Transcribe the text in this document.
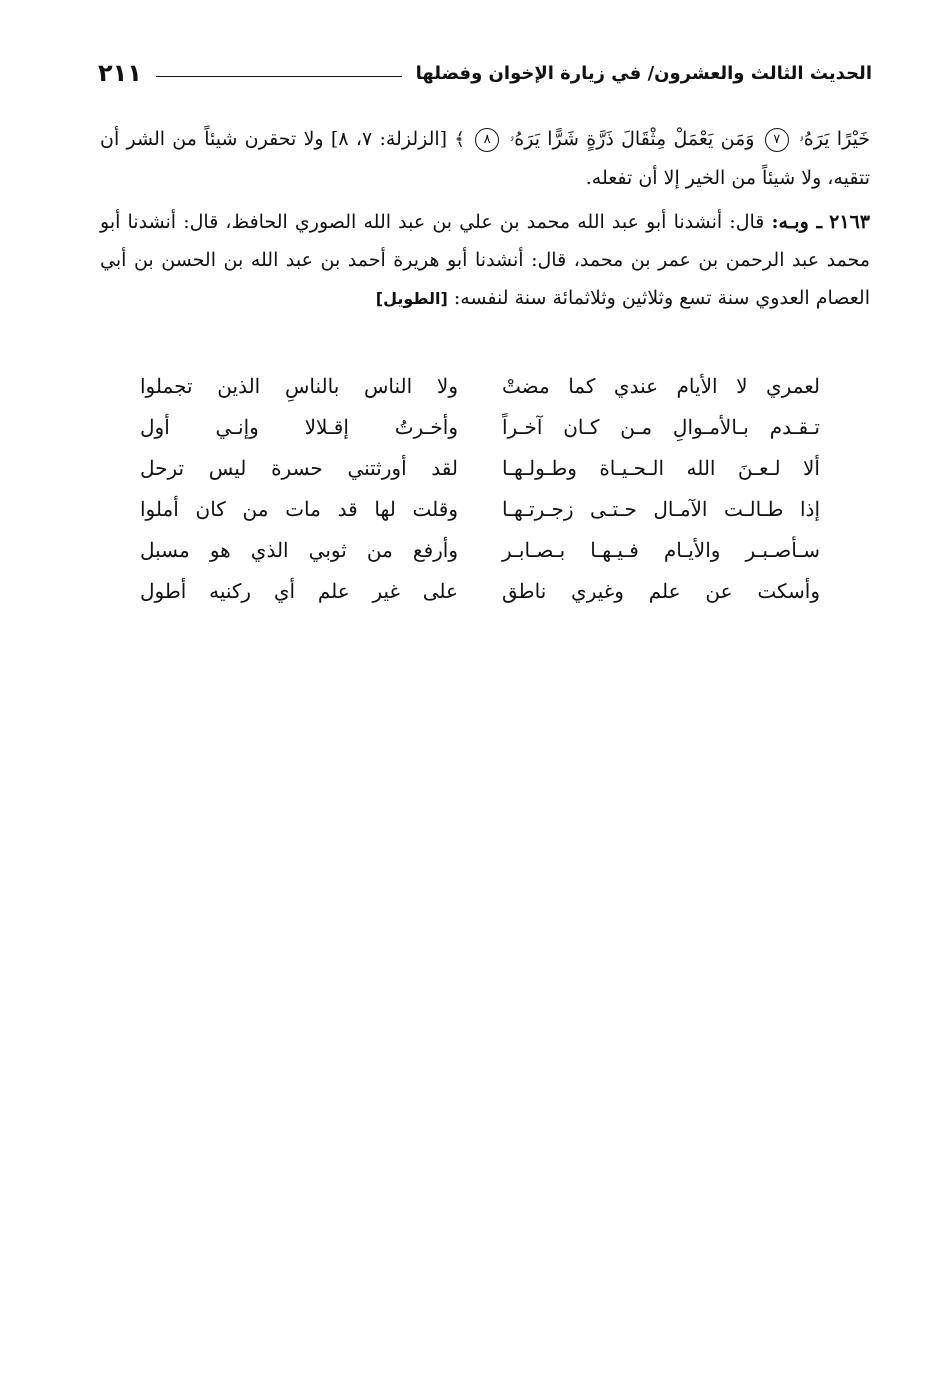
الحديث الثالث والعشرون/ في زيارة الإخوان وفضلها
٢١١

خَيْرًا يَرَهُۥ ٧ وَمَن يَعْمَلْ مِثْقَالَ ذَرَّةٍ شَرًّا يَرَهُۥ ٨ ﴾ [الزلزلة: ٧، ٨] ولا تحقرن شيئاً من الشر أن تتقيه، ولا شيئاً من الخير إلا أن تفعله.

٢١٦٣ ـ وبـه: قال: أنشدنا أبو عبد الله محمد بن علي بن عبد الله الصوري الحافظ، قال: أنشدنا أبو محمد عبد الرحمن بن عمر بن محمد، قال: أنشدنا أبو هريرة أحمد بن عبد الله بن الحسن بن أبي العصام العدوي سنة تسع وثلاثين وثلاثمائة سنة لنفسه: [الطويل]

لعمري لا الأيام عندي كما مضتْ
ولا الناس بالناسِ الذين تجملوا
تـقـدم بـالأمـوالِ مـن كـان آخـراً
وأخـرتُ إقـلالا وإنـي أول
ألا لـعـنَ الله الـحـيـاة وطـولـهـا
لقد أورثتني حسرة ليس ترحل
إذا طـالـت الآمـال حـتـى زجـرتـهـا
وقلت لها قد مات من كان أملوا
سـأصـبـر والأيـام فـيـهـا بـصـابـر
وأرفع من ثوبي الذي هو مسبل
وأسكت عن علم وغيري ناطق
على غير علم أي ركنيه أطول
